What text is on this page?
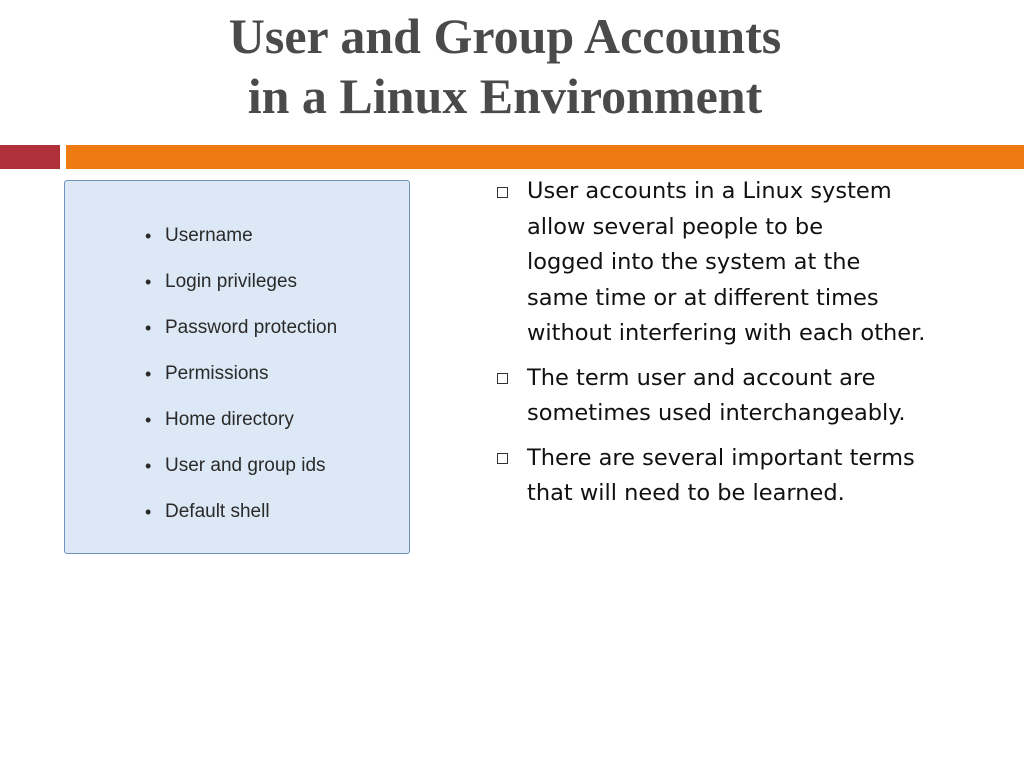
User and Group Accounts
in a Linux Environment
• Username
• Login privileges
• Password protection
• Permissions
• Home directory
• User and group ids
• Default shell
User accounts in a Linux system
allow several people to be
logged into the system at the
same time or at different times
without interfering with each other.
The term user and account are
sometimes used interchangeably.
There are several important terms
that will need to be learned.
